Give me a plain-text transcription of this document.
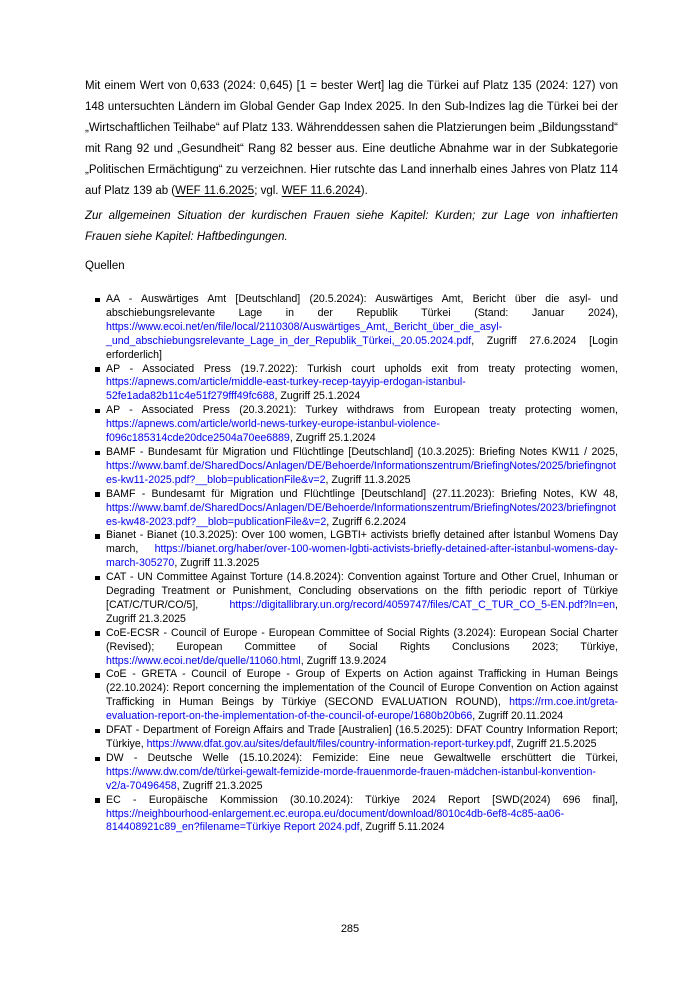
Mit einem Wert von 0,633 (2024: 0,645) [1 = bester Wert] lag die Türkei auf Platz 135 (2024: 127) von 148 untersuchten Ländern im Global Gender Gap Index 2025. In den Sub-Indizes lag die Türkei bei der „Wirtschaftlichen Teilhabe“ auf Platz 133. Währenddessen sahen die Platzierungen beim „Bildungsstand“ mit Rang 92 und „Gesundheit“ Rang 82 besser aus. Eine deutliche Abnahme war in der Subkategorie „Politischen Ermächtigung“ zu verzeichnen. Hier rutschte das Land innerhalb eines Jahres von Platz 114 auf Platz 139 ab (WEF 11.6.2025; vgl. WEF 11.6.2024).

Zur allgemeinen Situation der kurdischen Frauen siehe Kapitel: Kurden; zur Lage von inhaftierten Frauen siehe Kapitel: Haftbedingungen.

Quellen

AA - Auswärtiges Amt [Deutschland] (20.5.2024): Auswärtiges Amt, Bericht über die asyl- und abschiebungsrelevante Lage in der Republik Türkei (Stand: Januar 2024), https://www.ecoi.net/en/file/local/2110308/Auswärtiges_Amt,_Bericht_über_die_asyl-_und_abschiebungsrelevante_Lage_in_der_Republik_Türkei,_20.05.2024.pdf, Zugriff 27.6.2024 [Login erforderlich]
AP - Associated Press (19.7.2022): Turkish court upholds exit from treaty protecting women, https://apnews.com/article/middle-east-turkey-recep-tayyip-erdogan-istanbul-52fe1ada82b11c4e51f279fff49fc688, Zugriff 25.1.2024
AP - Associated Press (20.3.2021): Turkey withdraws from European treaty protecting women, https://apnews.com/article/world-news-turkey-europe-istanbul-violence-f096c185314cde20dce2504a70ee6889, Zugriff 25.1.2024
BAMF - Bundesamt für Migration und Flüchtlinge [Deutschland] (10.3.2025): Briefing Notes KW11 / 2025, https://www.bamf.de/SharedDocs/Anlagen/DE/Behoerde/Informationszentrum/BriefingNotes/2025/briefingnotes-kw11-2025.pdf?__blob=publicationFile&v=2, Zugriff 11.3.2025
BAMF - Bundesamt für Migration und Flüchtlinge [Deutschland] (27.11.2023): Briefing Notes, KW 48, https://www.bamf.de/SharedDocs/Anlagen/DE/Behoerde/Informationszentrum/BriefingNotes/2023/briefingnotes-kw48-2023.pdf?__blob=publicationFile&v=2, Zugriff 6.2.2024
Bianet - Bianet (10.3.2025): Over 100 women, LGBTI+ activists briefly detained after İstanbul Womens Day march, https://bianet.org/haber/over-100-women-lgbti-activists-briefly-detained-after-istanbul-womens-day-march-305270, Zugriff 11.3.2025
CAT - UN Committee Against Torture (14.8.2024): Convention against Torture and Other Cruel, Inhuman or Degrading Treatment or Punishment, Concluding observations on the fifth periodic report of Türkiye [CAT/C/TUR/CO/5], https://digitallibrary.un.org/record/4059747/files/CAT_C_TUR_CO_5-EN.pdf?ln=en, Zugriff 21.3.2025
CoE-ECSR - Council of Europe - European Committee of Social Rights (3.2024): European Social Charter (Revised); European Committee of Social Rights Conclusions 2023; Türkiye, https://www.ecoi.net/de/quelle/11060.html, Zugriff 13.9.2024
CoE - GRETA - Council of Europe - Group of Experts on Action against Trafficking in Human Beings (22.10.2024): Report concerning the implementation of the Council of Europe Convention on Action against Trafficking in Human Beings by Türkiye (SECOND EVALUATION ROUND), https://rm.coe.int/greta-evaluation-report-on-the-implementation-of-the-council-of-europe/1680b20b66, Zugriff 20.11.2024
DFAT - Department of Foreign Affairs and Trade [Australien] (16.5.2025): DFAT Country Information Report; Türkiye, https://www.dfat.gov.au/sites/default/files/country-information-report-turkey.pdf, Zugriff 21.5.2025
DW - Deutsche Welle (15.10.2024): Femizide: Eine neue Gewaltwelle erschüttert die Türkei, https://www.dw.com/de/türkei-gewalt-femizide-morde-frauenmorde-frauen-mädchen-istanbul-konvention-v2/a-70496458, Zugriff 21.3.2025
EC - Europäische Kommission (30.10.2024): Türkiye 2024 Report [SWD(2024) 696 final], https://neighbourhood-enlargement.ec.europa.eu/document/download/8010c4db-6ef8-4c85-aa06-814408921c89_en?filename=Türkiye Report 2024.pdf, Zugriff 5.11.2024
285
